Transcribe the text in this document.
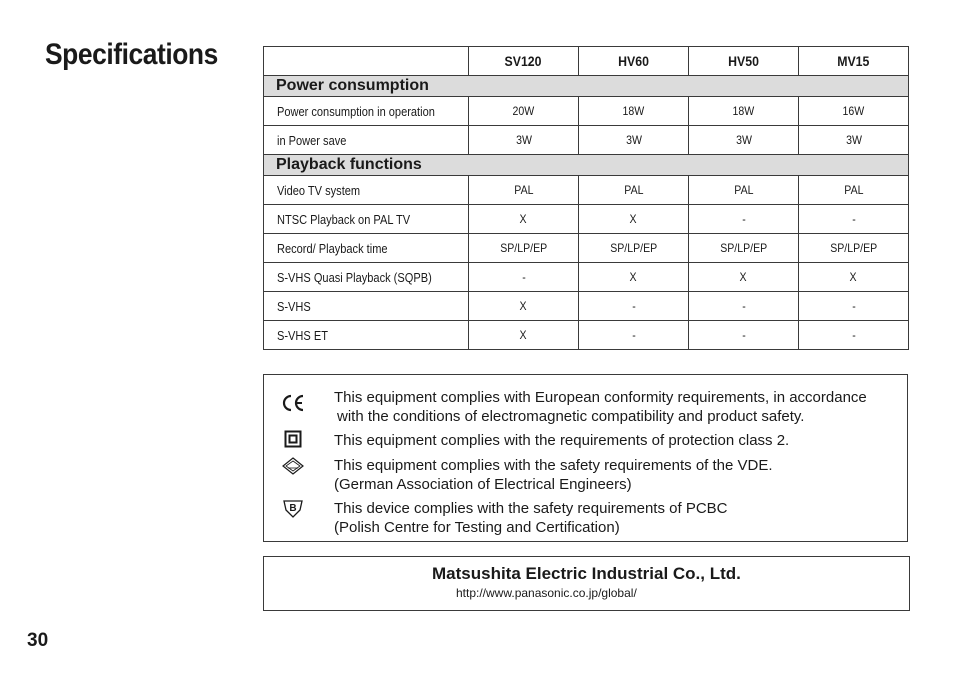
Specifications
		SV120	HV60	HV50	MV15
Power consumption				
Power consumption in operation	20W	18W	18W	16W
in Power save	3W	3W	3W	3W
Playback functions				
Video TV system	PAL	PAL	PAL	PAL
NTSC Playback on PAL TV	X	X	-	-
Record/ Playback time	SP/LP/EP	SP/LP/EP	SP/LP/EP	SP/LP/EP
S-VHS Quasi Playback (SQPB)	-	X	X	X
S-VHS	X	-	-	-
S-VHS ET	X	-	-	-
This equipment complies with European conformity requirements, in accordance
with the conditions of electromagnetic compatibility and product safety.
This equipment complies with the requirements of protection class 2.
This equipment complies with the safety requirements of the VDE.
(German Association of Electrical Engineers)
B This device complies with the safety requirements of PCBC
(Polish Centre for Testing and Certification)
Matsushita Electric Industrial Co., Ltd.
http://www.panasonic.co.jp/global/
30
